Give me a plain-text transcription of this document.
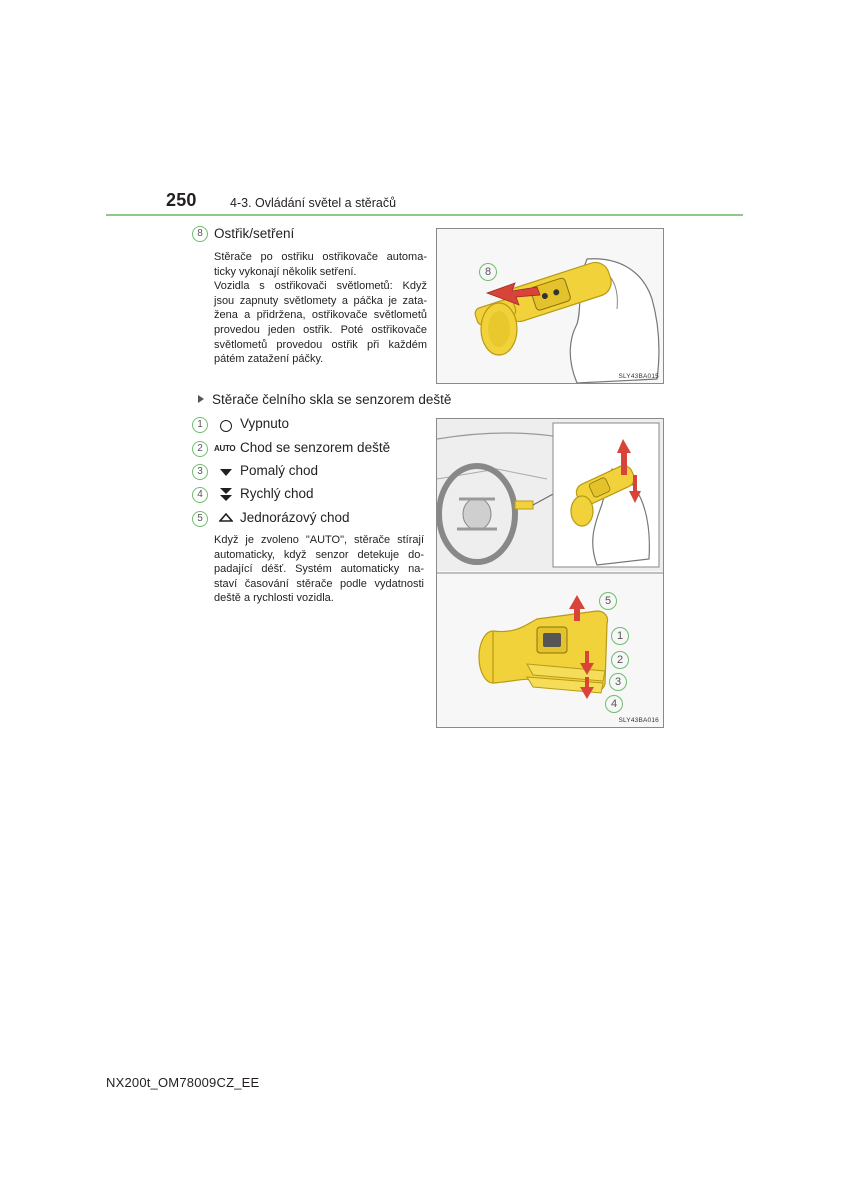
250	4-3. Ovládání světel a stěračů
8 Ostřik/setření
Stěrače po ostřiku ostřikovače automa-
ticky vykonají několik setření.
Vozidla s ostřikovači světlometů: Když
jsou zapnuty světlomety a páčka je zata-
žena a přidržena, ostřikovače světlometů
provedou jeden ostřik. Poté ostřikovače
světlometů provedou ostřik při každém
pátém zatažení páčky.
8
SLY43BA015
Stěrače čelního skla se senzorem deště
1	Vypnuto
2	AUTO Chod se senzorem deště
3	Pomalý chod
4	Rychlý chod
5	Jednorázový chod
Když je zvoleno "AUTO", stěrače stírají
automaticky, když senzor detekuje do-
padající déšť. Systém automaticky na-
staví časování stěrače podle vydatnosti
deště a rychlosti vozidla.	5
1
2
3
4
SLY43BA016
NX200t_OM78009CZ_EE
